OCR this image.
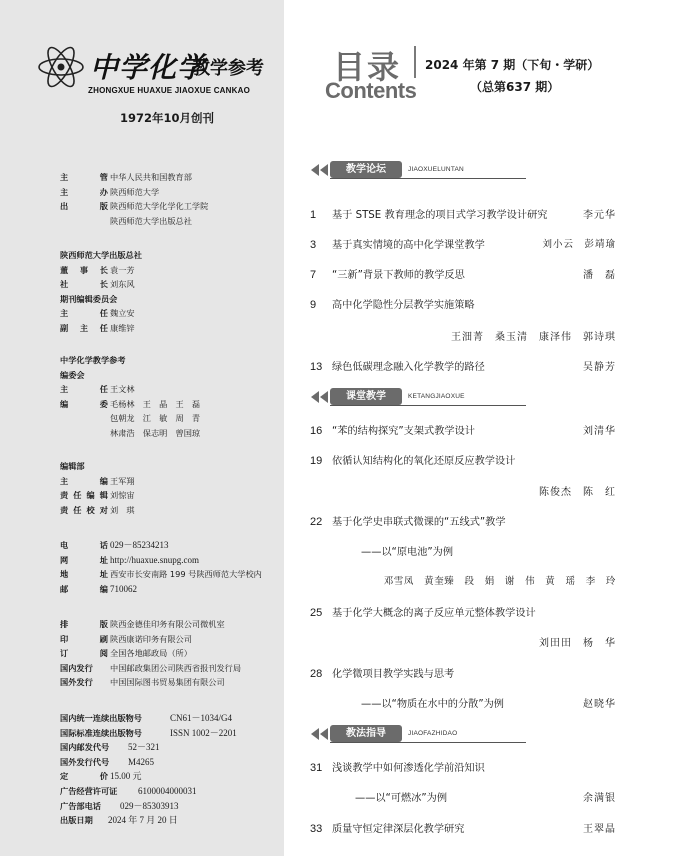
中学化学
教学参考
ZHONGXUE HUAXUE JIAOXUE CANKAO
1972年10月创刊
主　管 中华人民共和国教育部
主　办 陕西师范大学
出　版 陕西师范大学化学化工学院
陕西师范大学出版总社
陕西师范大学出版总社
董 事 长 袁一芳
社　长 刘东风
期刊编辑委员会
主　任 魏立安
副 主 任 康维锌
中学化学教学参考
编委会
主　任 王文林
编　委 毛杨林　王　晶　王　磊
包朝龙　江　敏　周　青
林肃浩　保志明　曾国琼
编辑部
主　编 王军翔
责任编辑 刘惊宙
责任校对 刘　琪
电　话 029－85234213
网　址 http://huaxue.snupg.com
地　址 西安市长安南路 199 号陕西师范大学校内
邮　编 710062
排　版 陕西金德佳印务有限公司微机室
印　刷 陕西康诺印务有限公司
订　阅 全国各地邮政局（所）
国内发行	中国邮政集团公司陕西省报刊发行局
国外发行	中国国际图书贸易集团有限公司
国内统一连续出版物号	CN61－1034/G4
国际标准连续出版物号	ISSN 1002－2201
国内邮发代号	52－321
国外发行代号	M4265
定　价 15.00 元
广告经营许可证	6100004000031
广告部电话	029－85303913
出版日期	2024 年 7 月 20 日
目录
Contents
2024 年第 7 期（下旬・学研）
（总第637 期）
教学论坛	JIAOXUELUNTAN
1 基于 STSE 教育理念的项目式学习教学设计研究	李元华
3 基于真实情境的高中化学课堂教学	刘小云　彭靖瑜
7 “三新”背景下教师的教学反思	潘　磊
9 高中化学隐性分层教学实施策略
王沺菁　桑玉清　康泽伟　郭诗琪
13 绿色低碳理念融入化学教学的路径	吴静芳
课堂教学	KETANGJIAOXUE
16 “苯的结构探究”支架式教学设计	刘清华
19 依循认知结构化的氧化还原反应教学设计
陈俊杰　陈　红
22 基于化学史串联式微课的“五线式”教学
——以“原电池”为例
邓雪凤　黄奎臻　段　娟　谢　伟　黄　瑶　李　玲
25 基于化学大概念的离子反应单元整体教学设计
刘田田　杨　华
28 化学微项目教学实践与思考
——以“物质在水中的分散”为例	赵晓华
教法指导	JIAOFAZHIDAO
31 浅谈教学中如何渗透化学前沿知识
——以“可燃冰”为例	余满银
33 质量守恒定律深层化教学研究	王翠晶
